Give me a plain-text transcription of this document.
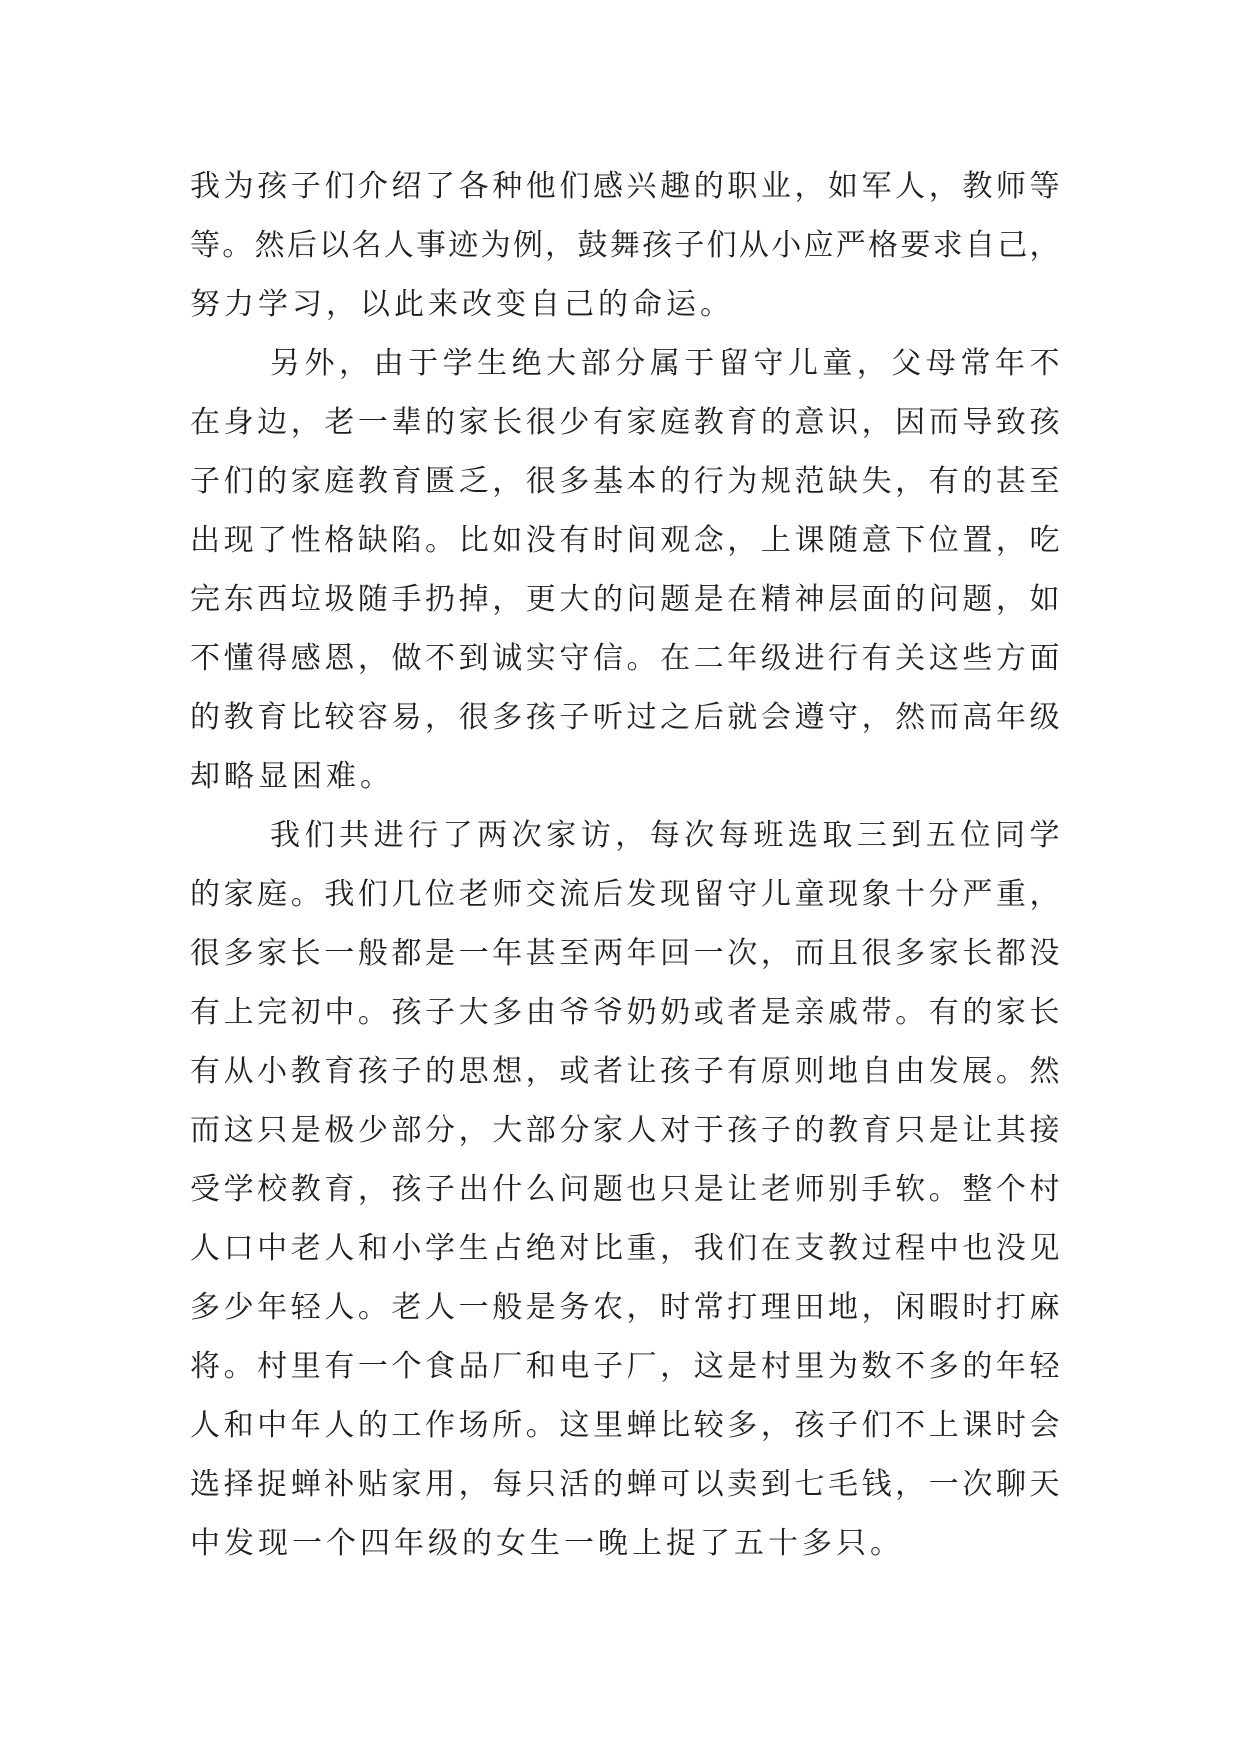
我为孩子们介绍了各种他们感兴趣的职业，如军人，教师等
等。然后以名人事迹为例，鼓舞孩子们从小应严格要求自己，
努力学习，以此来改变自己的命运。
另外，由于学生绝大部分属于留守儿童，父母常年不
在身边，老一辈的家长很少有家庭教育的意识，因而导致孩
子们的家庭教育匮乏，很多基本的行为规范缺失，有的甚至
出现了性格缺陷。比如没有时间观念，上课随意下位置，吃
完东西垃圾随手扔掉，更大的问题是在精神层面的问题，如
不懂得感恩，做不到诚实守信。在二年级进行有关这些方面
的教育比较容易，很多孩子听过之后就会遵守，然而高年级
却略显困难。
我们共进行了两次家访，每次每班选取三到五位同学
的家庭。我们几位老师交流后发现留守儿童现象十分严重，
很多家长一般都是一年甚至两年回一次，而且很多家长都没
有上完初中。孩子大多由爷爷奶奶或者是亲戚带。有的家长
有从小教育孩子的思想，或者让孩子有原则地自由发展。然
而这只是极少部分，大部分家人对于孩子的教育只是让其接
受学校教育，孩子出什么问题也只是让老师别手软。整个村
人口中老人和小学生占绝对比重，我们在支教过程中也没见
多少年轻人。老人一般是务农，时常打理田地，闲暇时打麻
将。村里有一个食品厂和电子厂，这是村里为数不多的年轻
人和中年人的工作场所。这里蝉比较多，孩子们不上课时会
选择捉蝉补贴家用，每只活的蝉可以卖到七毛钱，一次聊天
中发现一个四年级的女生一晚上捉了五十多只。
